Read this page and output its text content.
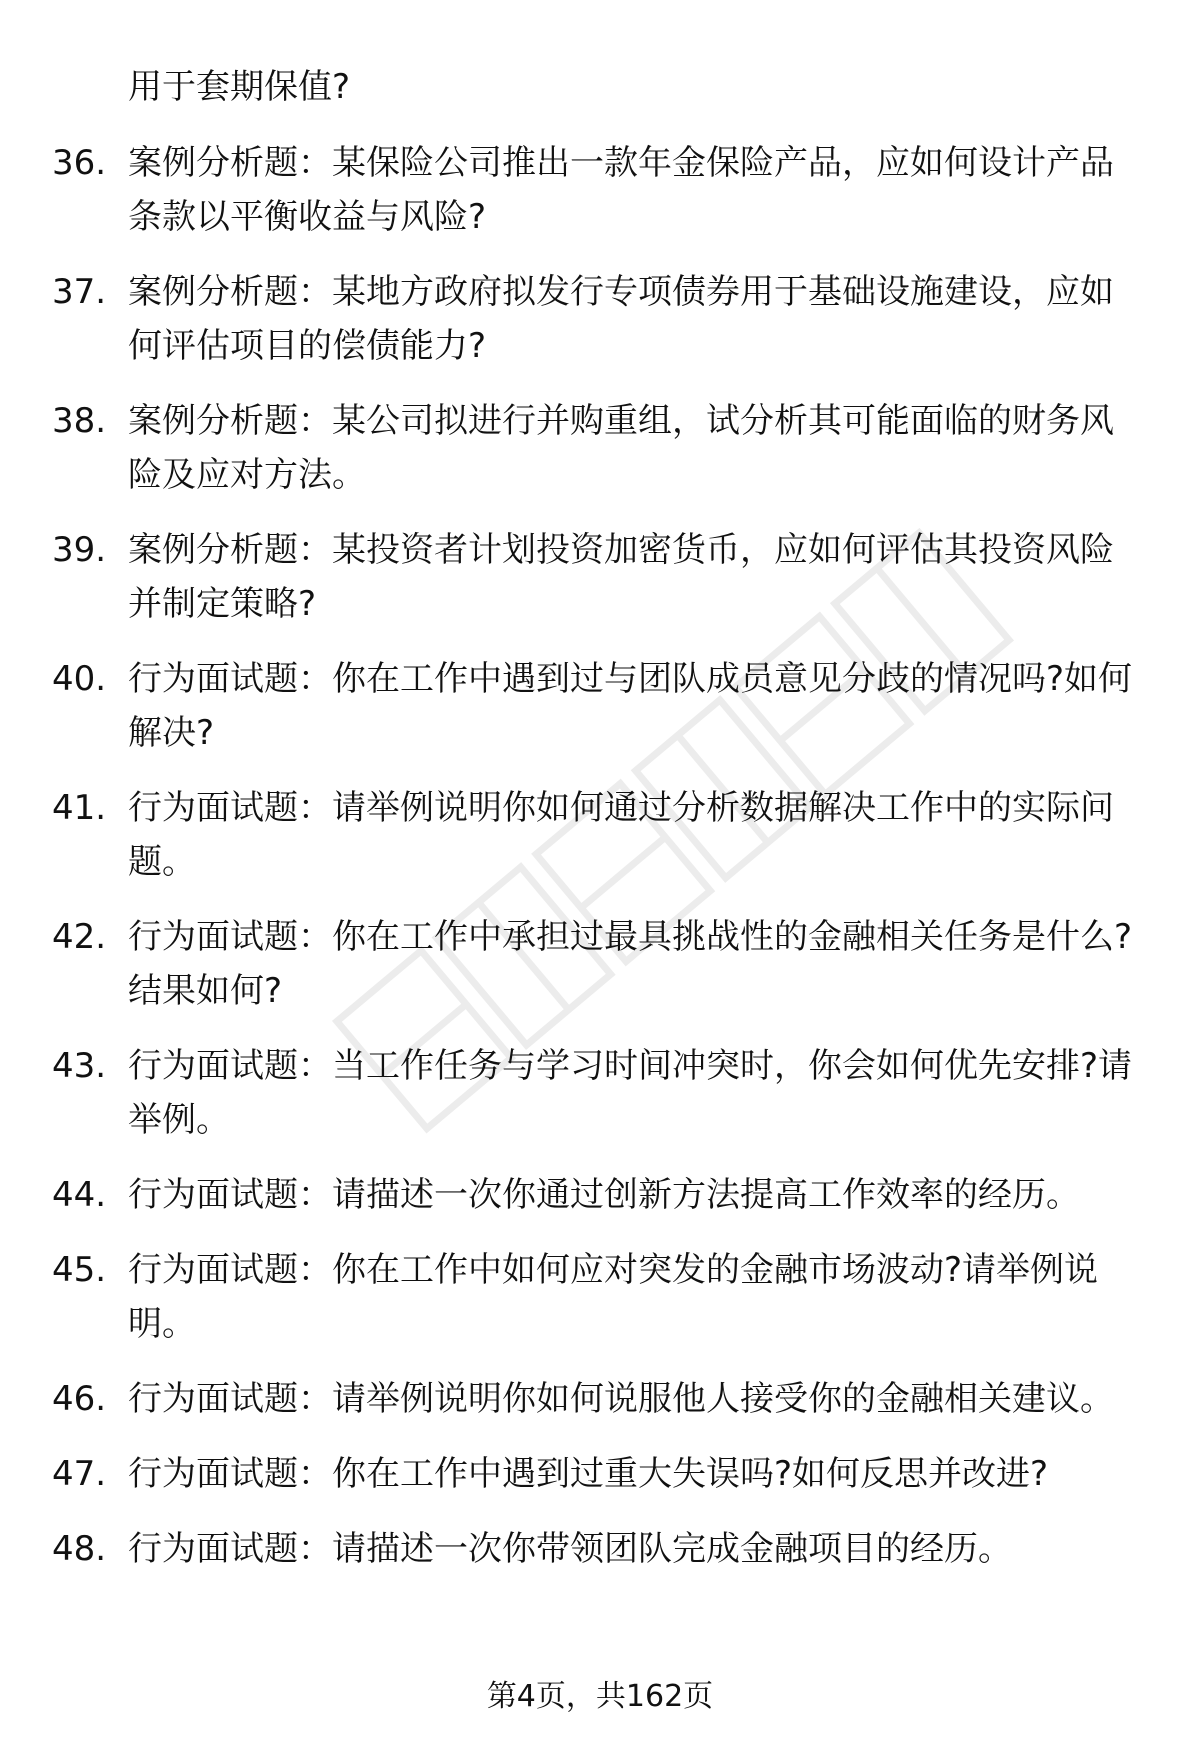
用于套期保值?

36. 案例分析题：某保险公司推出一款年金保险产品，应如何设计产品条款以平衡收益与风险?
37. 案例分析题：某地方政府拟发行专项债券用于基础设施建设，应如何评估项目的偿债能力?
38. 案例分析题：某公司拟进行并购重组，试分析其可能面临的财务风险及应对方法。
39. 案例分析题：某投资者计划投资加密货币，应如何评估其投资风险并制定策略?
40. 行为面试题：你在工作中遇到过与团队成员意见分歧的情况吗?如何解决?
41. 行为面试题：请举例说明你如何通过分析数据解决工作中的实际问题。
42. 行为面试题：你在工作中承担过最具挑战性的金融相关任务是什么?结果如何?
43. 行为面试题：当工作任务与学习时间冲突时，你会如何优先安排?请举例。
44. 行为面试题：请描述一次你通过创新方法提高工作效率的经历。
45. 行为面试题：你在工作中如何应对突发的金融市场波动?请举例说明。
46. 行为面试题：请举例说明你如何说服他人接受你的金融相关建议。
47. 行为面试题：你在工作中遇到过重大失误吗?如何反思并改进?
48. 行为面试题：请描述一次你带领团队完成金融项目的经历。
第4页，共162页
